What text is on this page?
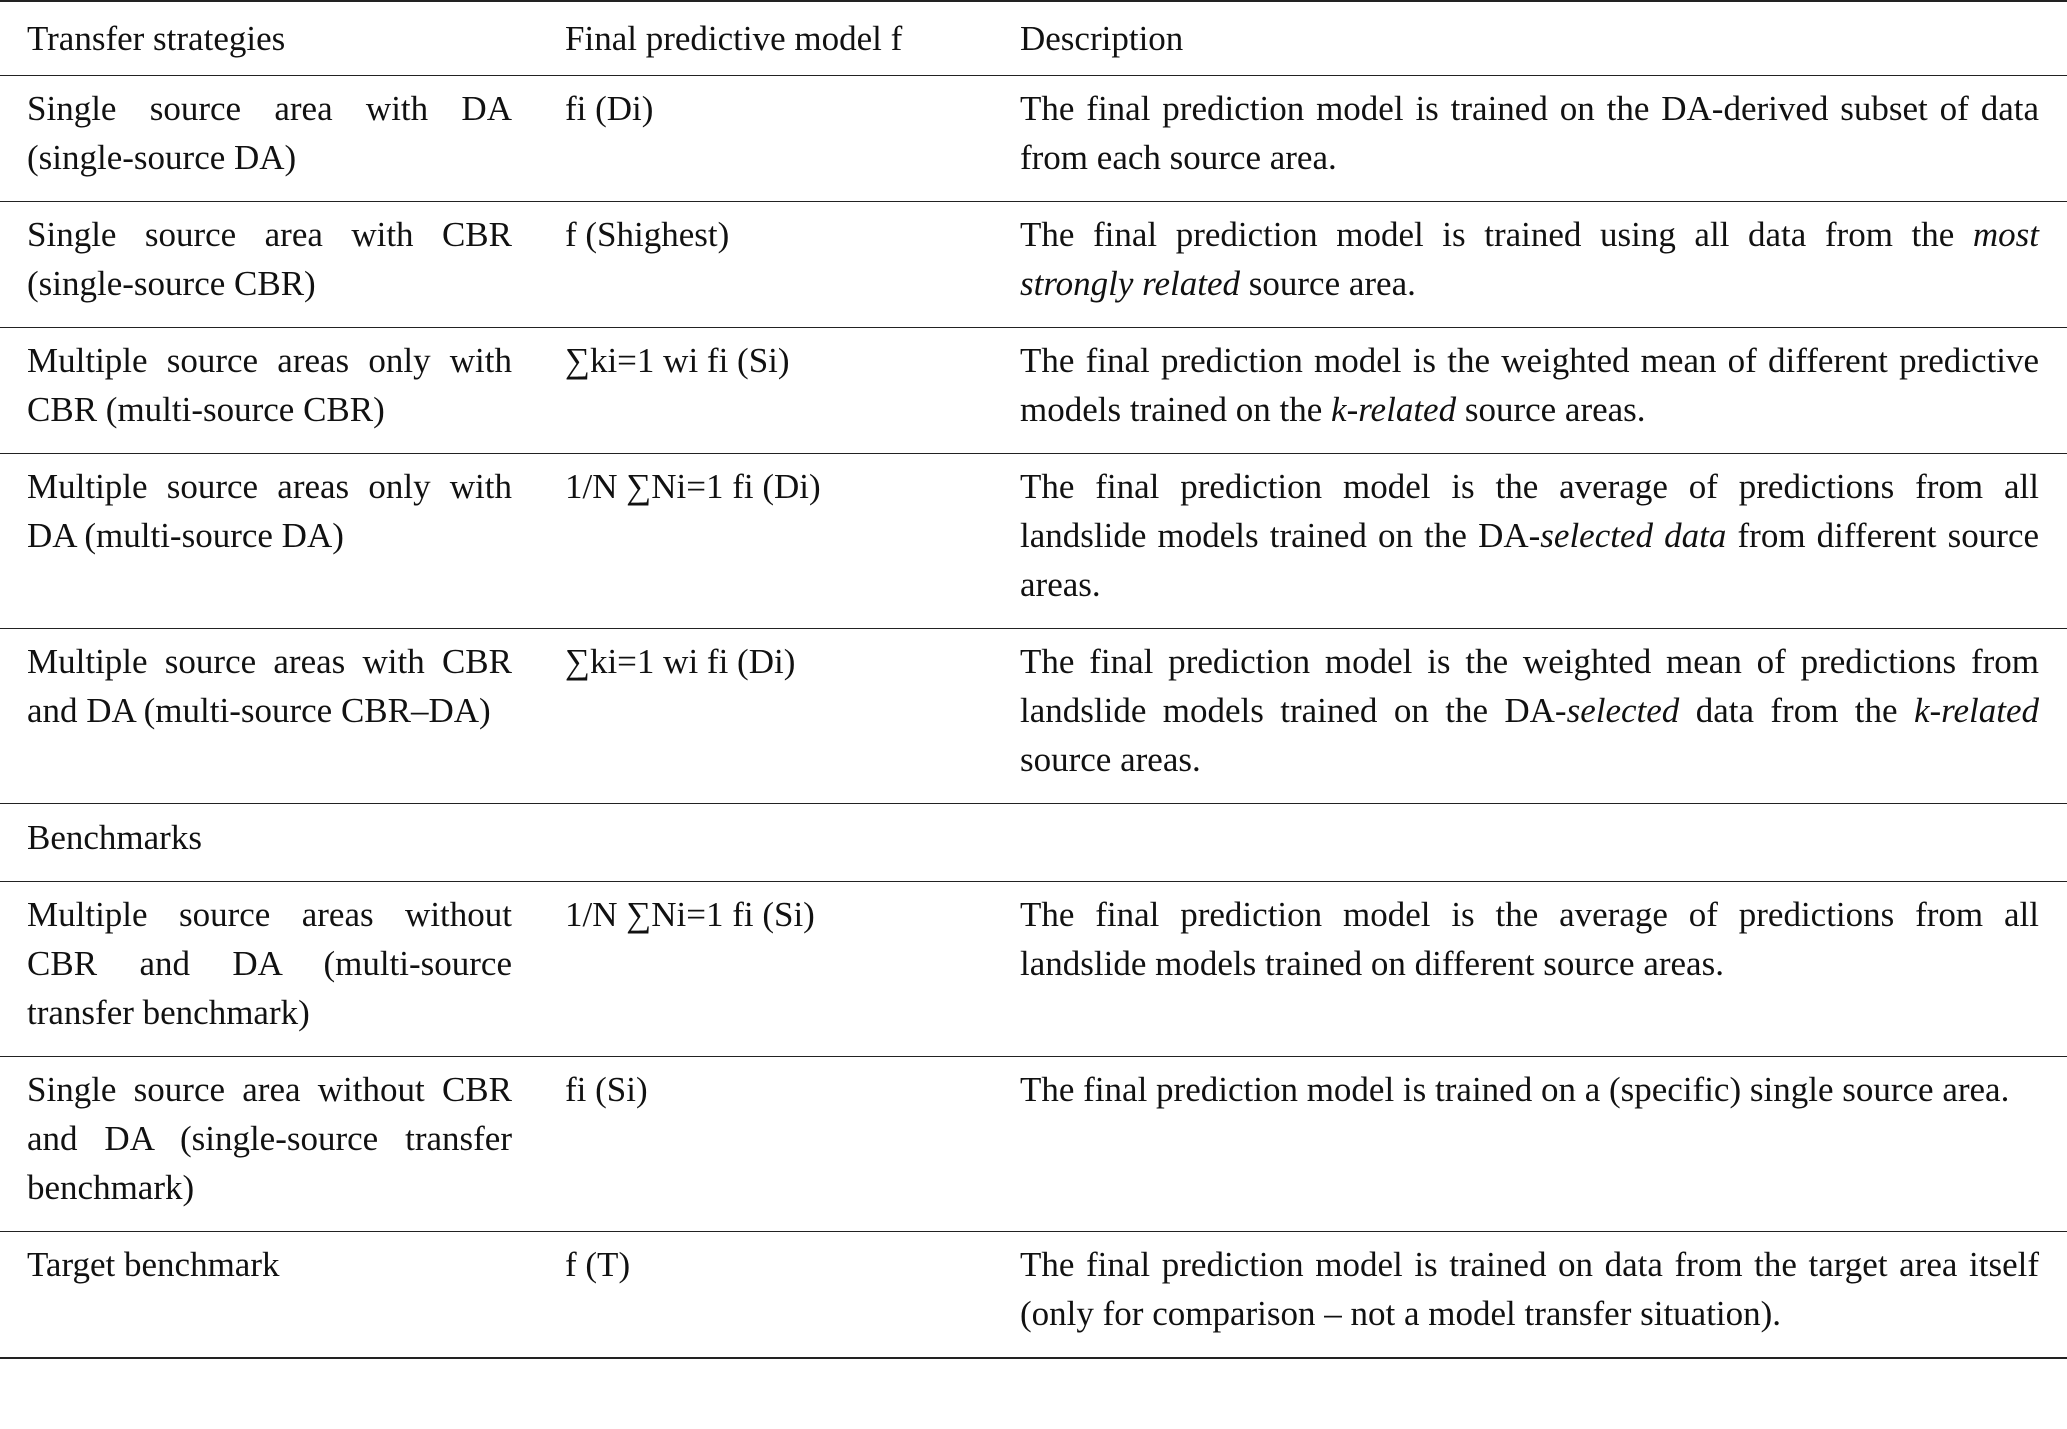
Transfer strategies	Final predictive model f	Description
Single source area with DA (single-source DA)	fi (Di)	The final prediction model is trained on the DA-derived subset of data from each source area.
Single source area with CBR (single-source CBR)	f (Shighest)	The final prediction model is trained using all data from the most strongly related source area.
Multiple source areas only with CBR (multi-source CBR)	∑ki=1 wi fi (Si)	The final prediction model is the weighted mean of different predictive models trained on the k-related source areas.
Multiple source areas only with DA (multi-source DA)	1/N ∑Ni=1 fi (Di)	The final prediction model is the average of predictions from all landslide models trained on the DA-selected data from different source areas.
Multiple source areas with CBR and DA (multi-source CBR–DA)	∑ki=1 wi fi (Di)	The final prediction model is the weighted mean of predictions from landslide models trained on the DA-selected data from the k-related source areas.
Benchmarks		
Multiple source areas without CBR and DA (multi-source transfer benchmark)	1/N ∑Ni=1 fi (Si)	The final prediction model is the average of predictions from all landslide models trained on different source areas.
Single source area without CBR and DA (single-source transfer benchmark)	fi (Si)	The final prediction model is trained on a (specific) single source area.
Target benchmark	f (T)	The final prediction model is trained on data from the target area itself (only for comparison – not a model transfer situation).
